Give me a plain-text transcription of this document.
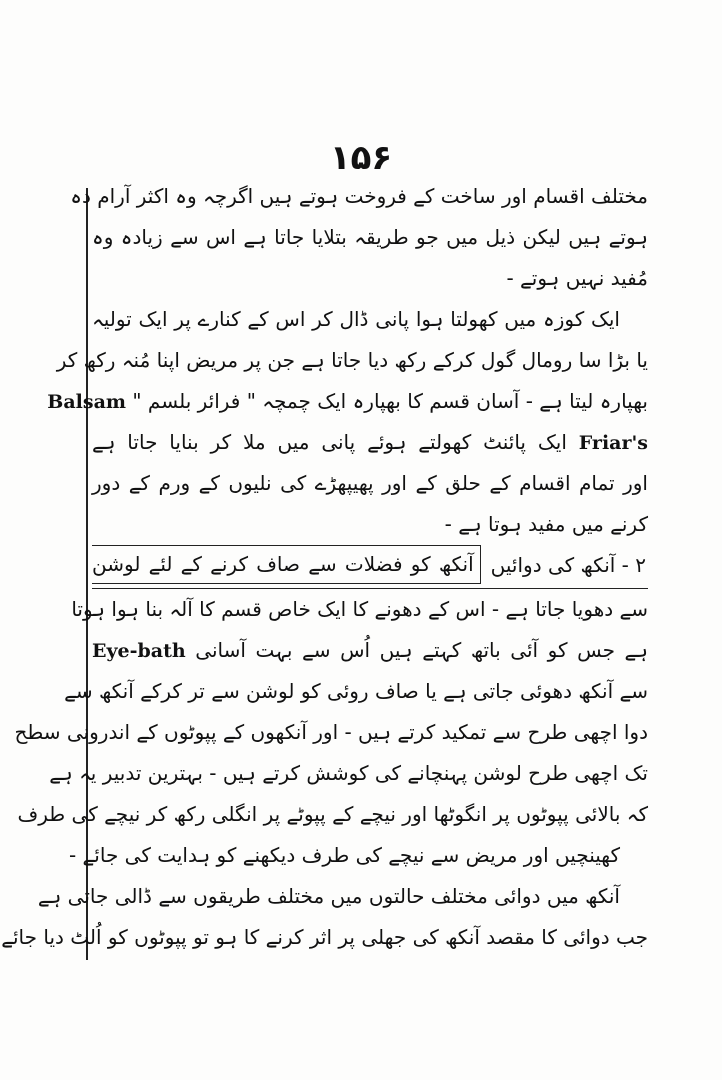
۱۵۶
مختلف اقسام اور ساخت کے فروخت ہوتے ہیں اگرچہ وہ اکثر آرام دہ
ہوتے ہیں لیکن ذیل میں جو طریقہ بتلایا جاتا ہے اس سے زیادہ وہ
مُفید نہیں ہوتے -
ایک کوزہ میں کھولتا ہوا پانی ڈال کر اس کے کنارے پر ایک تولیہ
یا بڑا سا رومال گول کرکے رکھ دیا جاتا ہے جن پر مریض اپنا مُنہ رکھ کر
بھپارہ لیتا ہے - آسان قسم کا بھپارہ ایک چمچہ " فرائر بلسم " Balsam
Friar's ایک پائنٹ کھولتے ہوئے پانی میں ملا کر بنایا جاتا ہے
اور تمام اقسام کے حلق کے اور پھیپھڑے کی نلیوں کے ورم کے دور
کرنے میں مفید ہوتا ہے -
۲ - آنکھ کی دوائیں
آنکھ کو فضلات سے صاف کرنے کے لئے لوشن
سے دھویا جاتا ہے - اس کے دھونے کا ایک خاص قسم کا آلہ بنا ہوا ہوتا
ہے جس کو آئی باتھ کہتے ہیں اُس سے بہت آسانی Eye-bath
سے آنکھ دھوئی جاتی ہے یا صاف روئی کو لوشن سے تر کرکے آنکھ سے
دوا اچھی طرح سے تمکید کرتے ہیں - اور آنکھوں کے پپوٹوں کے اندرونی سطح
تک اچھی طرح لوشن پہنچانے کی کوشش کرتے ہیں - بہترین تدبیر یہ ہے
کہ بالائی پپوٹوں پر انگوٹھا اور نیچے کے پپوٹے پر انگلی رکھ کر نیچے کی طرف
کھینچیں اور مریض سے نیچے کی طرف دیکھنے کو ہدایت کی جائے -
آنکھ میں دوائی مختلف حالتوں میں مختلف طریقوں سے ڈالی جاتی ہے
جب دوائی کا مقصد آنکھ کی جھلی پر اثر کرنے کا ہو تو پپوٹوں کو اُلٹ دیا جائے
